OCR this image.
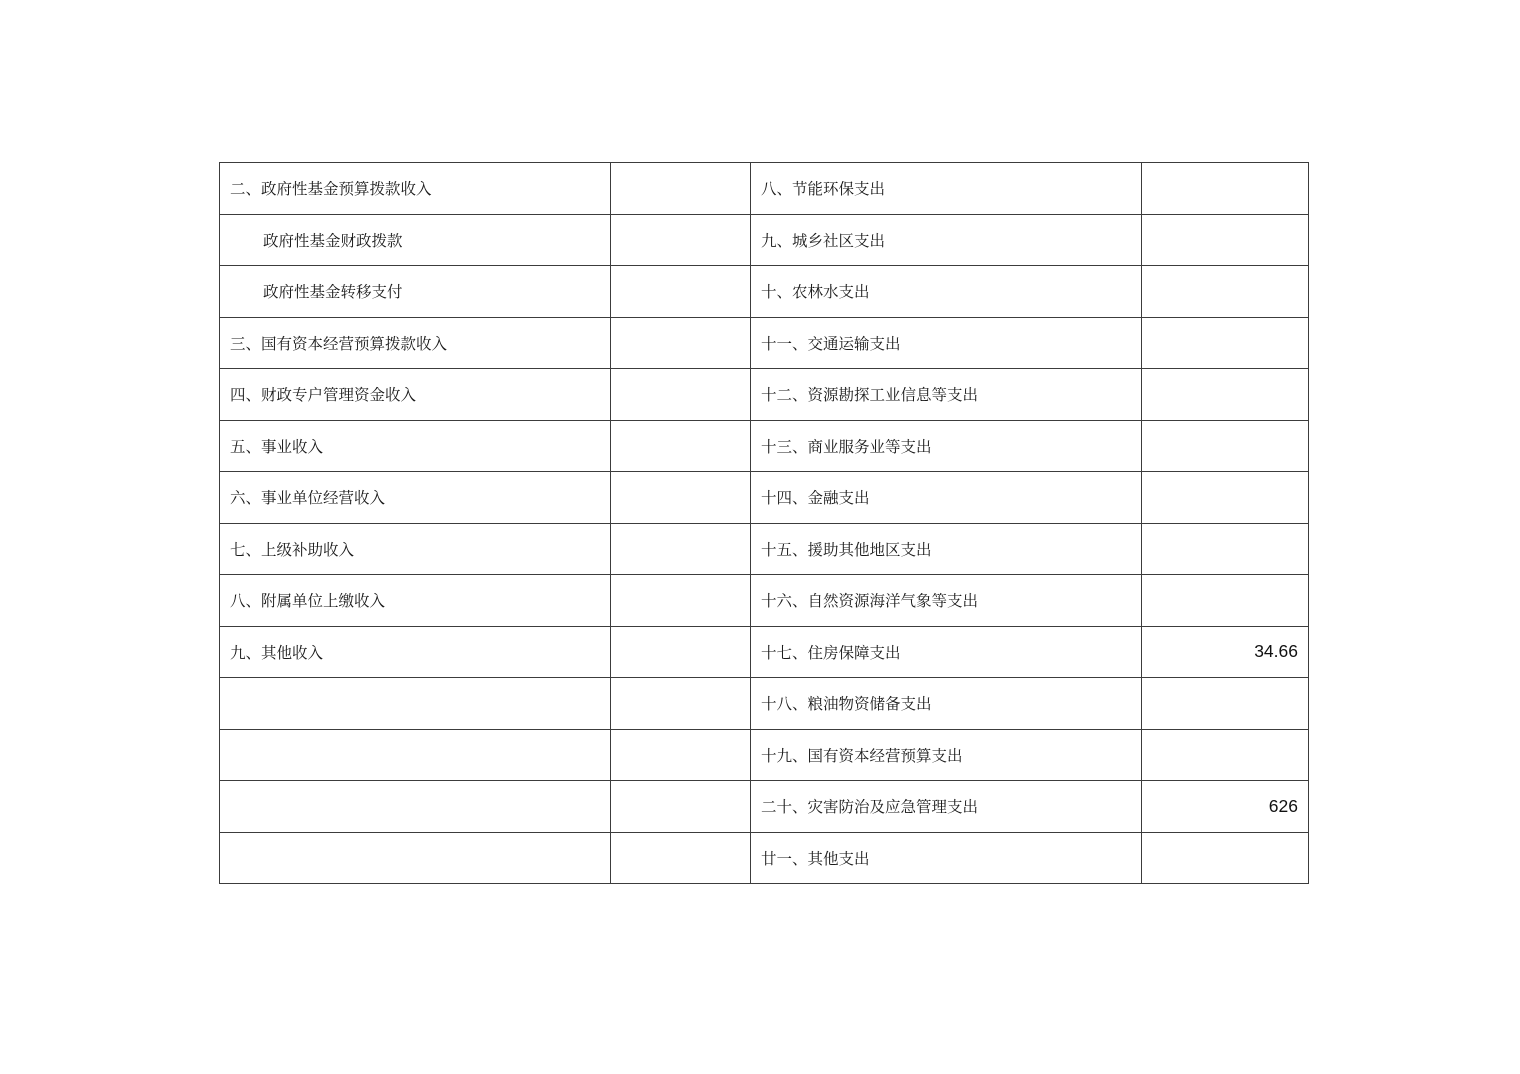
二、政府性基金预算拨款收入		八、节能环保支出	
政府性基金财政拨款		九、城乡社区支出	
政府性基金转移支付		十、农林水支出	
三、国有资本经营预算拨款收入		十一、交通运输支出	
四、财政专户管理资金收入		十二、资源勘探工业信息等支出	
五、事业收入		十三、商业服务业等支出	
六、事业单位经营收入		十四、金融支出	
七、上级补助收入		十五、援助其他地区支出	
八、附属单位上缴收入		十六、自然资源海洋气象等支出	
九、其他收入		十七、住房保障支出	34.66
		十八、粮油物资储备支出	
		十九、国有资本经营预算支出	
		二十、灾害防治及应急管理支出	626
		廿一、其他支出	
